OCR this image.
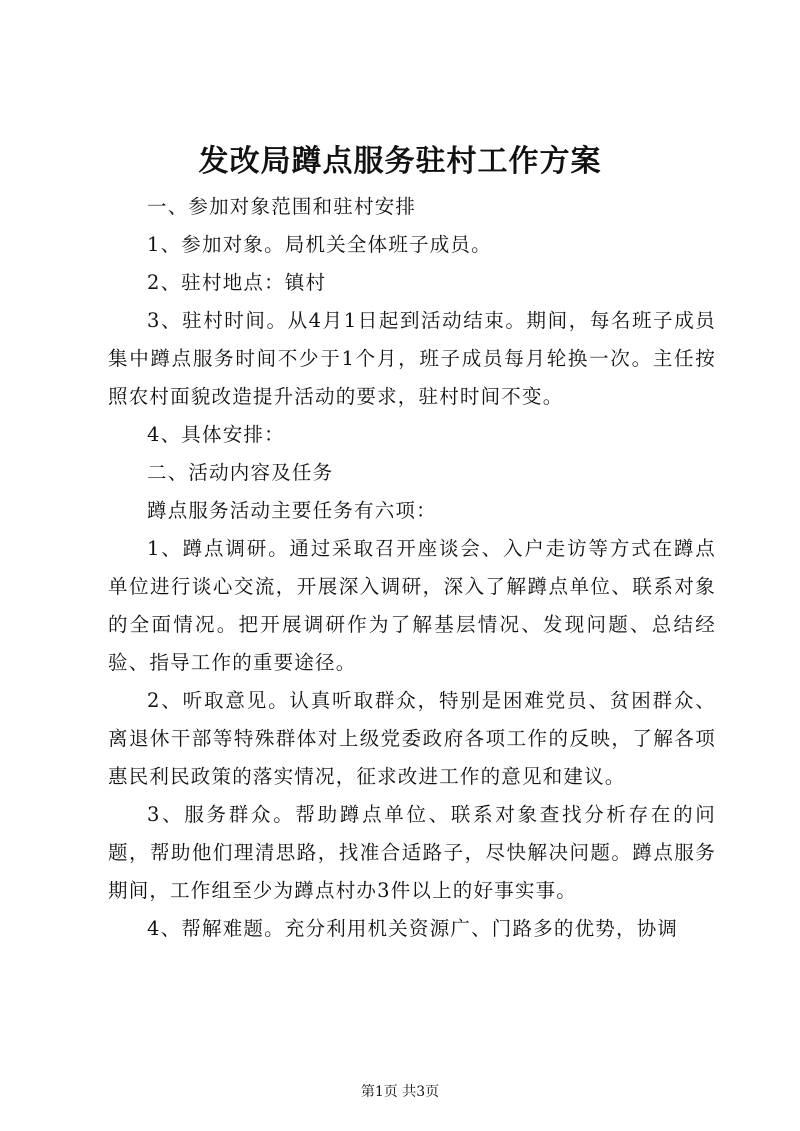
发改局蹲点服务驻村工作方案

一、参加对象范围和驻村安排

1、参加对象。局机关全体班子成员。

2、驻村地点：镇村

3、驻村时间。从4月1日起到活动结束。期间，每名班子成员集中蹲点服务时间不少于1个月，班子成员每月轮换一次。主任按照农村面貌改造提升活动的要求，驻村时间不变。

4、具体安排：

二、活动内容及任务

蹲点服务活动主要任务有六项：

1、蹲点调研。通过采取召开座谈会、入户走访等方式在蹲点单位进行谈心交流，开展深入调研，深入了解蹲点单位、联系对象的全面情况。把开展调研作为了解基层情况、发现问题、总结经验、指导工作的重要途径。

2、听取意见。认真听取群众，特别是困难党员、贫困群众、离退休干部等特殊群体对上级党委政府各项工作的反映，了解各项惠民利民政策的落实情况，征求改进工作的意见和建议。

3、服务群众。帮助蹲点单位、联系对象查找分析存在的问题，帮助他们理清思路，找准合适路子，尽快解决问题。蹲点服务期间，工作组至少为蹲点村办3件以上的好事实事。

4、帮解难题。充分利用机关资源广、门路多的优势，协调

第1页 共3页
